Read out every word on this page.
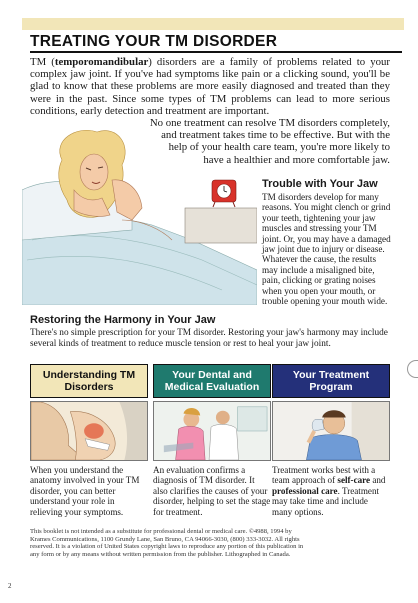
TREATING YOUR TM DISORDER

TM (temporomandibular) disorders are a family of problems related to your complex jaw joint. If you've had symptoms like pain or a clicking sound, you'll be glad to know that these problems are more easily diagnosed and treated than they were in the past. Since some types of TM problems can lead to more serious conditions, early detection and treatment are important.

No one treatment can resolve TM disorders completely,

and treatment takes time to be effective. But with the

help of your health care team, you're more likely to

have a healthier and more comfortable jaw.

Trouble with Your Jaw
TM disorders develop for many reasons. You might clench or grind your teeth, tightening your jaw muscles and stressing your TM joint. Or, you may have a damaged jaw joint due to injury or disease. Whatever the cause, the results may include a misaligned bite, pain, clicking or grating noises when you open your mouth, or trouble opening your mouth wide.
Restoring the Harmony in Your Jaw
There's no simple prescription for your TM disorder. Restoring your jaw's harmony may include several kinds of treatment to reduce muscle tension or rest to heal your jaw joint.
Understanding TM Disorders
When you understand the anatomy involved in your TM disorder, you can better understand your role in relieving your symptoms.
Your Dental and Medical Evaluation
An evaluation confirms a diagnosis of TM disorder. It also clarifies the causes of your disorder, helping to set the stage for treatment.
Your Treatment Program
Treatment works best with a team approach of self-care and professional care. Treatment may take time and include many options.
This booklet is not intended as a substitute for professional dental or medical care. ©4988, 1994 by Krames Communications, 1100 Grundy Lane, San Bruno, CA 94066-3030, (800) 333-3032. All rights reserved. It is a violation of United States copyright laws to reproduce any portion of this publication in any form or by any means without written permission from the publisher. Lithographed in Canada.
2
